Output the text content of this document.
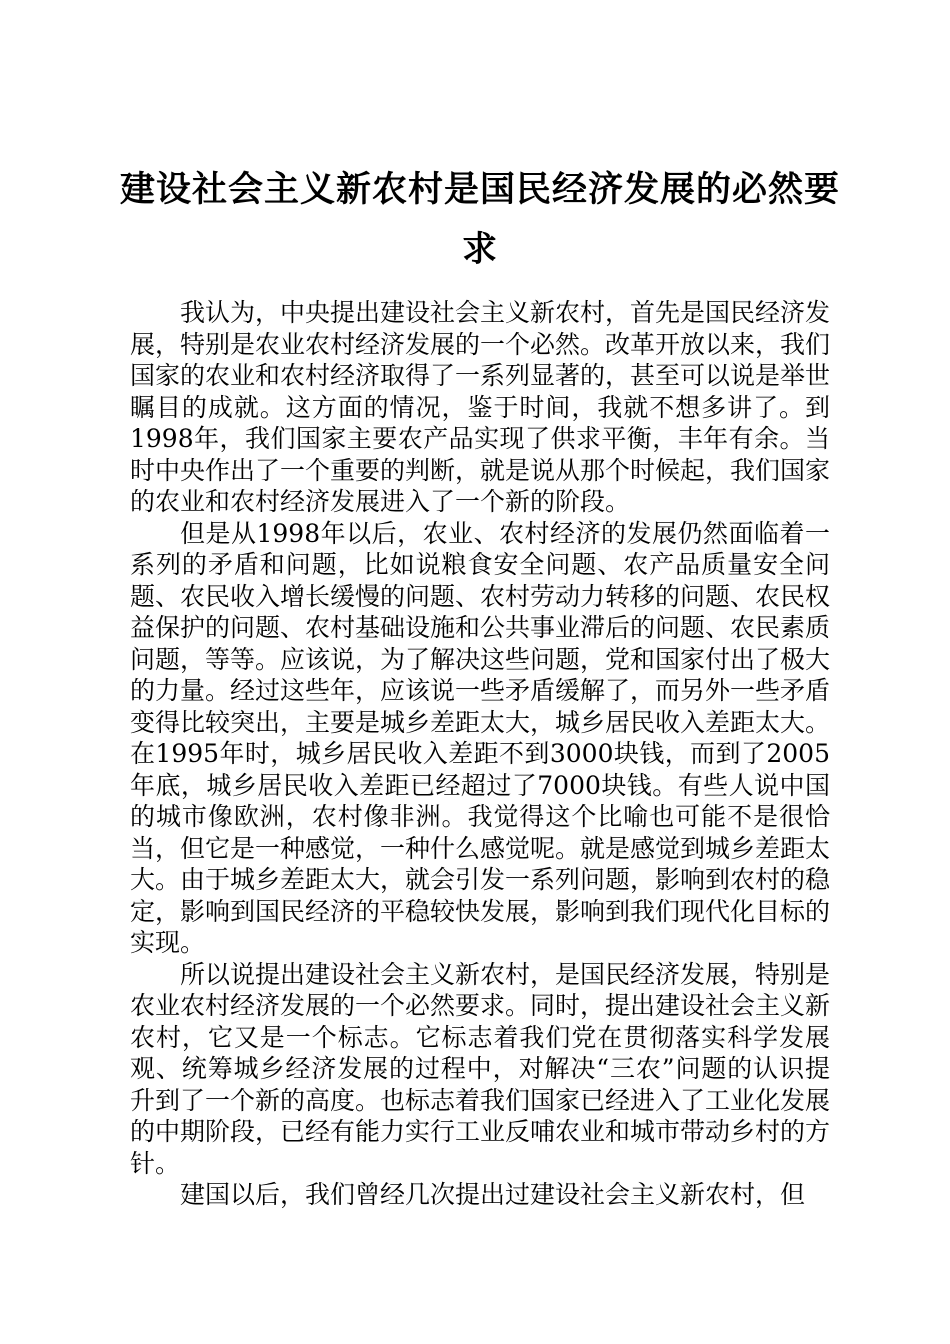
建设社会主义新农村是国民经济发展的必然要求

我认为，中央提出建设社会主义新农村，首先是国民经济发展，特别是农业农村经济发展的一个必然。改革开放以来，我们国家的农业和农村经济取得了一系列显著的，甚至可以说是举世瞩目的成就。这方面的情况，鉴于时间，我就不想多讲了。到1998年，我们国家主要农产品实现了供求平衡，丰年有余。当时中央作出了一个重要的判断，就是说从那个时候起，我们国家的农业和农村经济发展进入了一个新的阶段。

但是从1998年以后，农业、农村经济的发展仍然面临着一系列的矛盾和问题，比如说粮食安全问题、农产品质量安全问题、农民收入增长缓慢的问题、农村劳动力转移的问题、农民权益保护的问题、农村基础设施和公共事业滞后的问题、农民素质问题，等等。应该说，为了解决这些问题，党和国家付出了极大的力量。经过这些年，应该说一些矛盾缓解了，而另外一些矛盾变得比较突出，主要是城乡差距太大，城乡居民收入差距太大。在1995年时，城乡居民收入差距不到3000块钱，而到了2005年底，城乡居民收入差距已经超过了7000块钱。有些人说中国的城市像欧洲，农村像非洲。我觉得这个比喻也可能不是很恰当，但它是一种感觉，一种什么感觉呢。就是感觉到城乡差距太大。由于城乡差距太大，就会引发一系列问题，影响到农村的稳定，影响到国民经济的平稳较快发展，影响到我们现代化目标的实现。

所以说提出建设社会主义新农村，是国民经济发展，特别是农业农村经济发展的一个必然要求。同时，提出建设社会主义新农村，它又是一个标志。它标志着我们党在贯彻落实科学发展观、统筹城乡经济发展的过程中，对解决“三农”问题的认识提升到了一个新的高度。也标志着我们国家已经进入了工业化发展的中期阶段，已经有能力实行工业反哺农业和城市带动乡村的方针。

建国以后，我们曾经几次提出过建设社会主义新农村，但
